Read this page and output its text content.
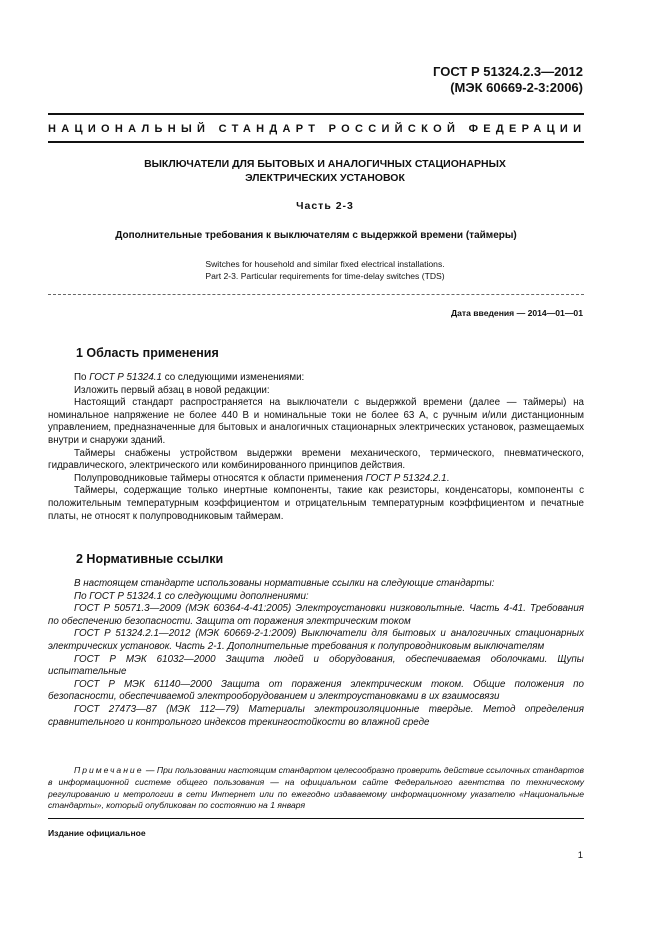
ГОСТ Р 51324.2.3—2012
(МЭК 60669-2-3:2006)
НАЦИОНАЛЬНЫЙ СТАНДАРТ РОССИЙСКОЙ ФЕДЕРАЦИИ
ВЫКЛЮЧАТЕЛИ ДЛЯ БЫТОВЫХ И АНАЛОГИЧНЫХ СТАЦИОНАРНЫХ
ЭЛЕКТРИЧЕСКИХ УСТАНОВОК
Часть 2-3
Дополнительные требования к выключателям с выдержкой времени (таймеры)
Switches for household and similar fixed electrical installations.
Part 2-3. Particular requirements for time-delay switches (TDS)
Дата введения — 2014—01—01
1 Область применения

По ГОСТ Р 51324.1 со следующими изменениями:

Изложить первый абзац в новой редакции:

Настоящий стандарт распространяется на выключатели с выдержкой времени (далее — таймеры) на номинальное напряжение не более 440 В и номинальные токи не более 63 А, с ручным и/или дистанционным управлением, предназначенные для бытовых и аналогичных стационарных электрических установок, размещаемых внутри и снаружи зданий.

Таймеры снабжены устройством выдержки времени механического, термического, пневматического, гидравлического, электрического или комбинированного принципов действия.

Полупроводниковые таймеры относятся к области применения ГОСТ Р 51324.2.1.

Таймеры, содержащие только инертные компоненты, такие как резисторы, конденсаторы, компоненты с положительным температурным коэффициентом и отрицательным температурным коэффициентом и печатные платы, не относят к полупроводниковым таймерам.

2 Нормативные ссылки

В настоящем стандарте использованы нормативные ссылки на следующие стандарты:

По ГОСТ Р 51324.1 со следующими дополнениями:

ГОСТ Р 50571.3—2009 (МЭК 60364-4-41:2005) Электроустановки низковольтные. Часть 4-41. Требования по обеспечению безопасности. Защита от поражения электрическим током

ГОСТ Р 51324.2.1—2012 (МЭК 60669-2-1:2009) Выключатели для бытовых и аналогичных стационарных электрических установок. Часть 2-1. Дополнительные требования к полупроводниковым выключателям

ГОСТ Р МЭК 61032—2000 Защита людей и оборудования, обеспечиваемая оболочками. Щупы испытательные

ГОСТ Р МЭК 61140—2000 Защита от поражения электрическим током. Общие положения по безопасности, обеспечиваемой электрооборудованием и электроустановками в их взаимосвязи

ГОСТ 27473—87 (МЭК 112—79) Материалы электроизоляционные твердые. Метод определения сравнительного и контрольного индексов трекингостойкости во влажной среде

Примечание — При пользовании настоящим стандартом целесообразно проверить действие ссылочных стандартов в информационной системе общего пользования — на официальном сайте Федерального агентства по техническому регулированию и метрологии в сети Интернет или по ежегодно издаваемому информационному указателю «Национальные стандарты», который опубликован по состоянию на 1 января
Издание официальное
1
